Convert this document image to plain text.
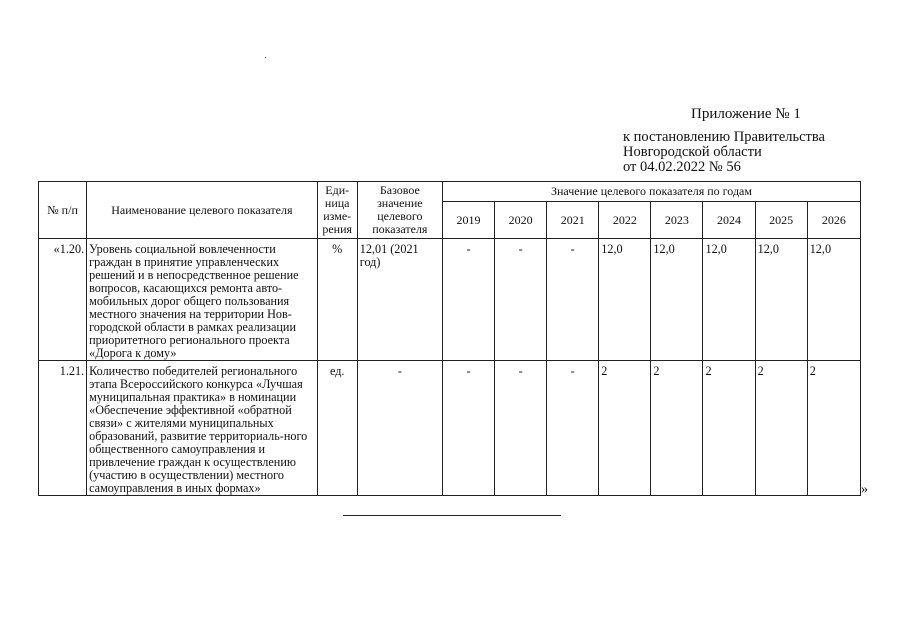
Приложение № 1
к постановлению Правительства
Новгородской области
от 04.02.2022 № 56
№ п/п	Наименование целевого показателя	Еди-ница изме-рения	Базовое значение целевого показателя	Значение целевого показателя по годам							
				2019	2020	2021	2022	2023	2024	2025	2026
«1.20.	Уровень социальной вовлеченности граждан в принятие управленческих решений и в непосредственное решение вопросов, касающихся ремонта авто-мобильных дорог общего пользования местного значения на территории Нов-городской области в рамках реализации приоритетного регионального проекта «Дорога к дому»	%	12,01 (2021 год)	-	-	-	12,0	12,0	12,0	12,0	12,0
1.21.	Количество победителей регионального этапа Всероссийского конкурса «Лучшая муниципальная практика» в номинации «Обеспечение эффективной «обратной связи» с жителями муниципальных образований, развитие территориаль-ного общественного самоуправления и привлечение граждан к осуществлению (участию в осуществлении) местного самоуправления в иных формах»	ед.	-	-	-	-	2	2	2	2	2
»
